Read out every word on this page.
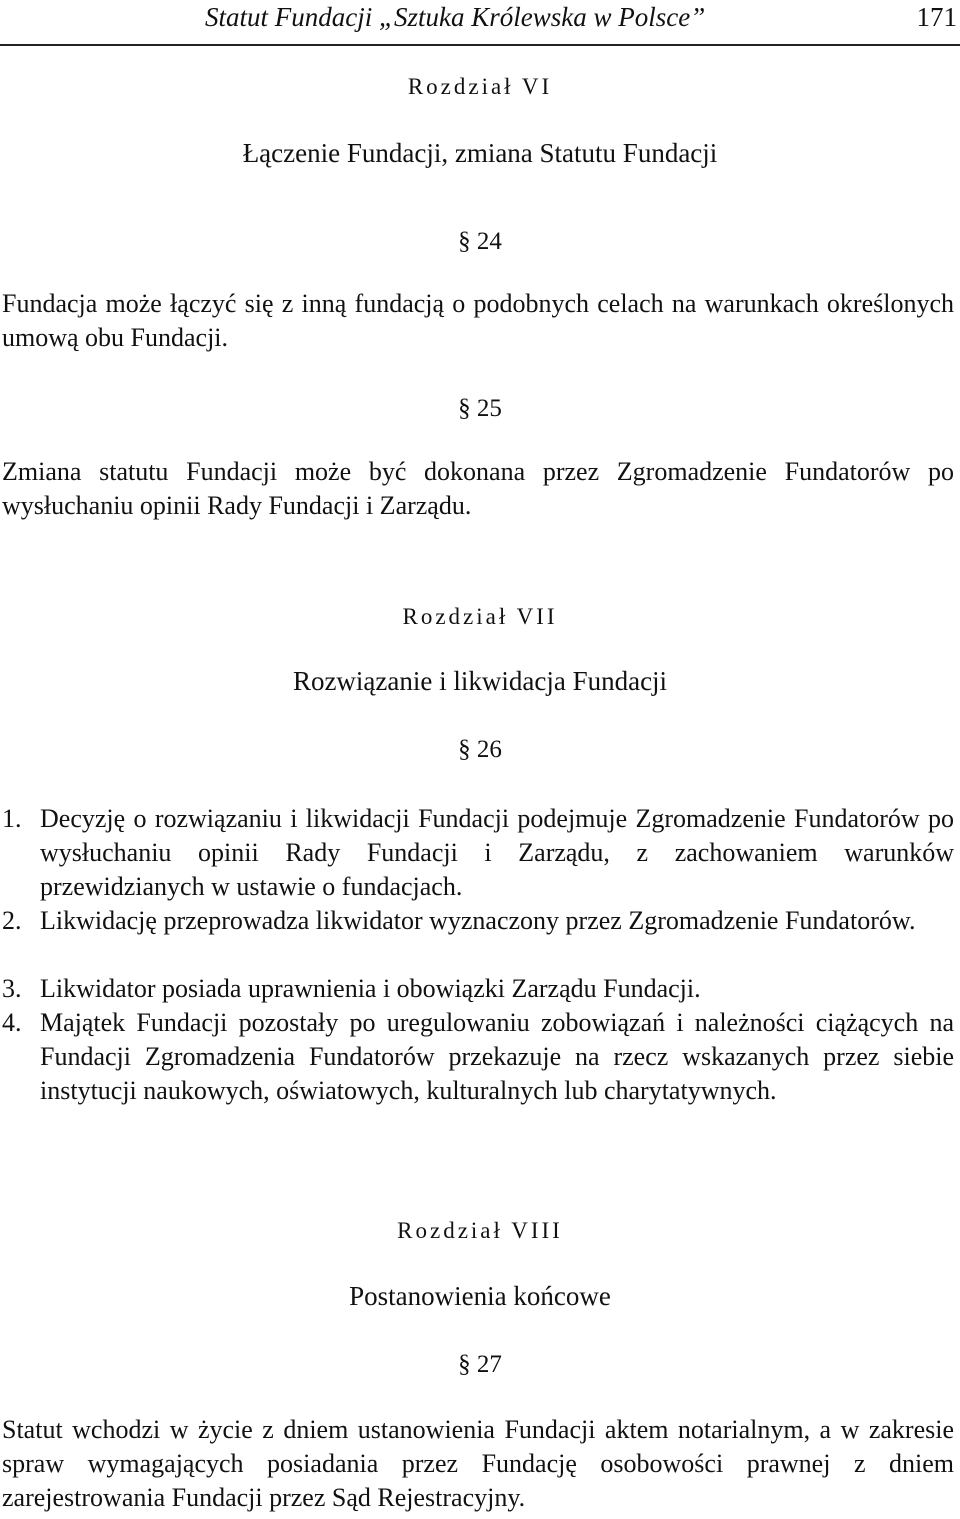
Statut Fundacji „Sztuka Królewska w Polsce”	171
Rozdział VI
Łączenie Fundacji, zmiana Statutu Fundacji
§ 24
Fundacja może łączyć się z inną fundacją o podobnych celach na warunkach określonych umową obu Fundacji.
§ 25
Zmiana statutu Fundacji może być dokonana przez Zgromadzenie Fundatorów po wysłuchaniu opinii Rady Fundacji i Zarządu.
Rozdział VII
Rozwiązanie i likwidacja Fundacji
§ 26
1. Decyzję o rozwiązaniu i likwidacji Fundacji podejmuje Zgromadzenie Fundatorów po wysłuchaniu opinii Rady Fundacji i Zarządu, z zachowaniem warunków przewidzianych w ustawie o fundacjach.
2. Likwidację przeprowadza likwidator wyznaczony przez Zgromadzenie Fundatorów.
3. Likwidator posiada uprawnienia i obowiązki Zarządu Fundacji.
4. Majątek Fundacji pozostały po uregulowaniu zobowiązań i należności ciążących na Fundacji Zgromadzenia Fundatorów przekazuje na rzecz wskazanych przez siebie instytucji naukowych, oświatowych, kulturalnych lub charytatywnych.
Rozdział VIII
Postanowienia końcowe
§ 27
Statut wchodzi w życie z dniem ustanowienia Fundacji aktem notarialnym, a w zakresie spraw wymagających posiadania przez Fundację osobowości prawnej z dniem zarejestrowania Fundacji przez Sąd Rejestracyjny.
